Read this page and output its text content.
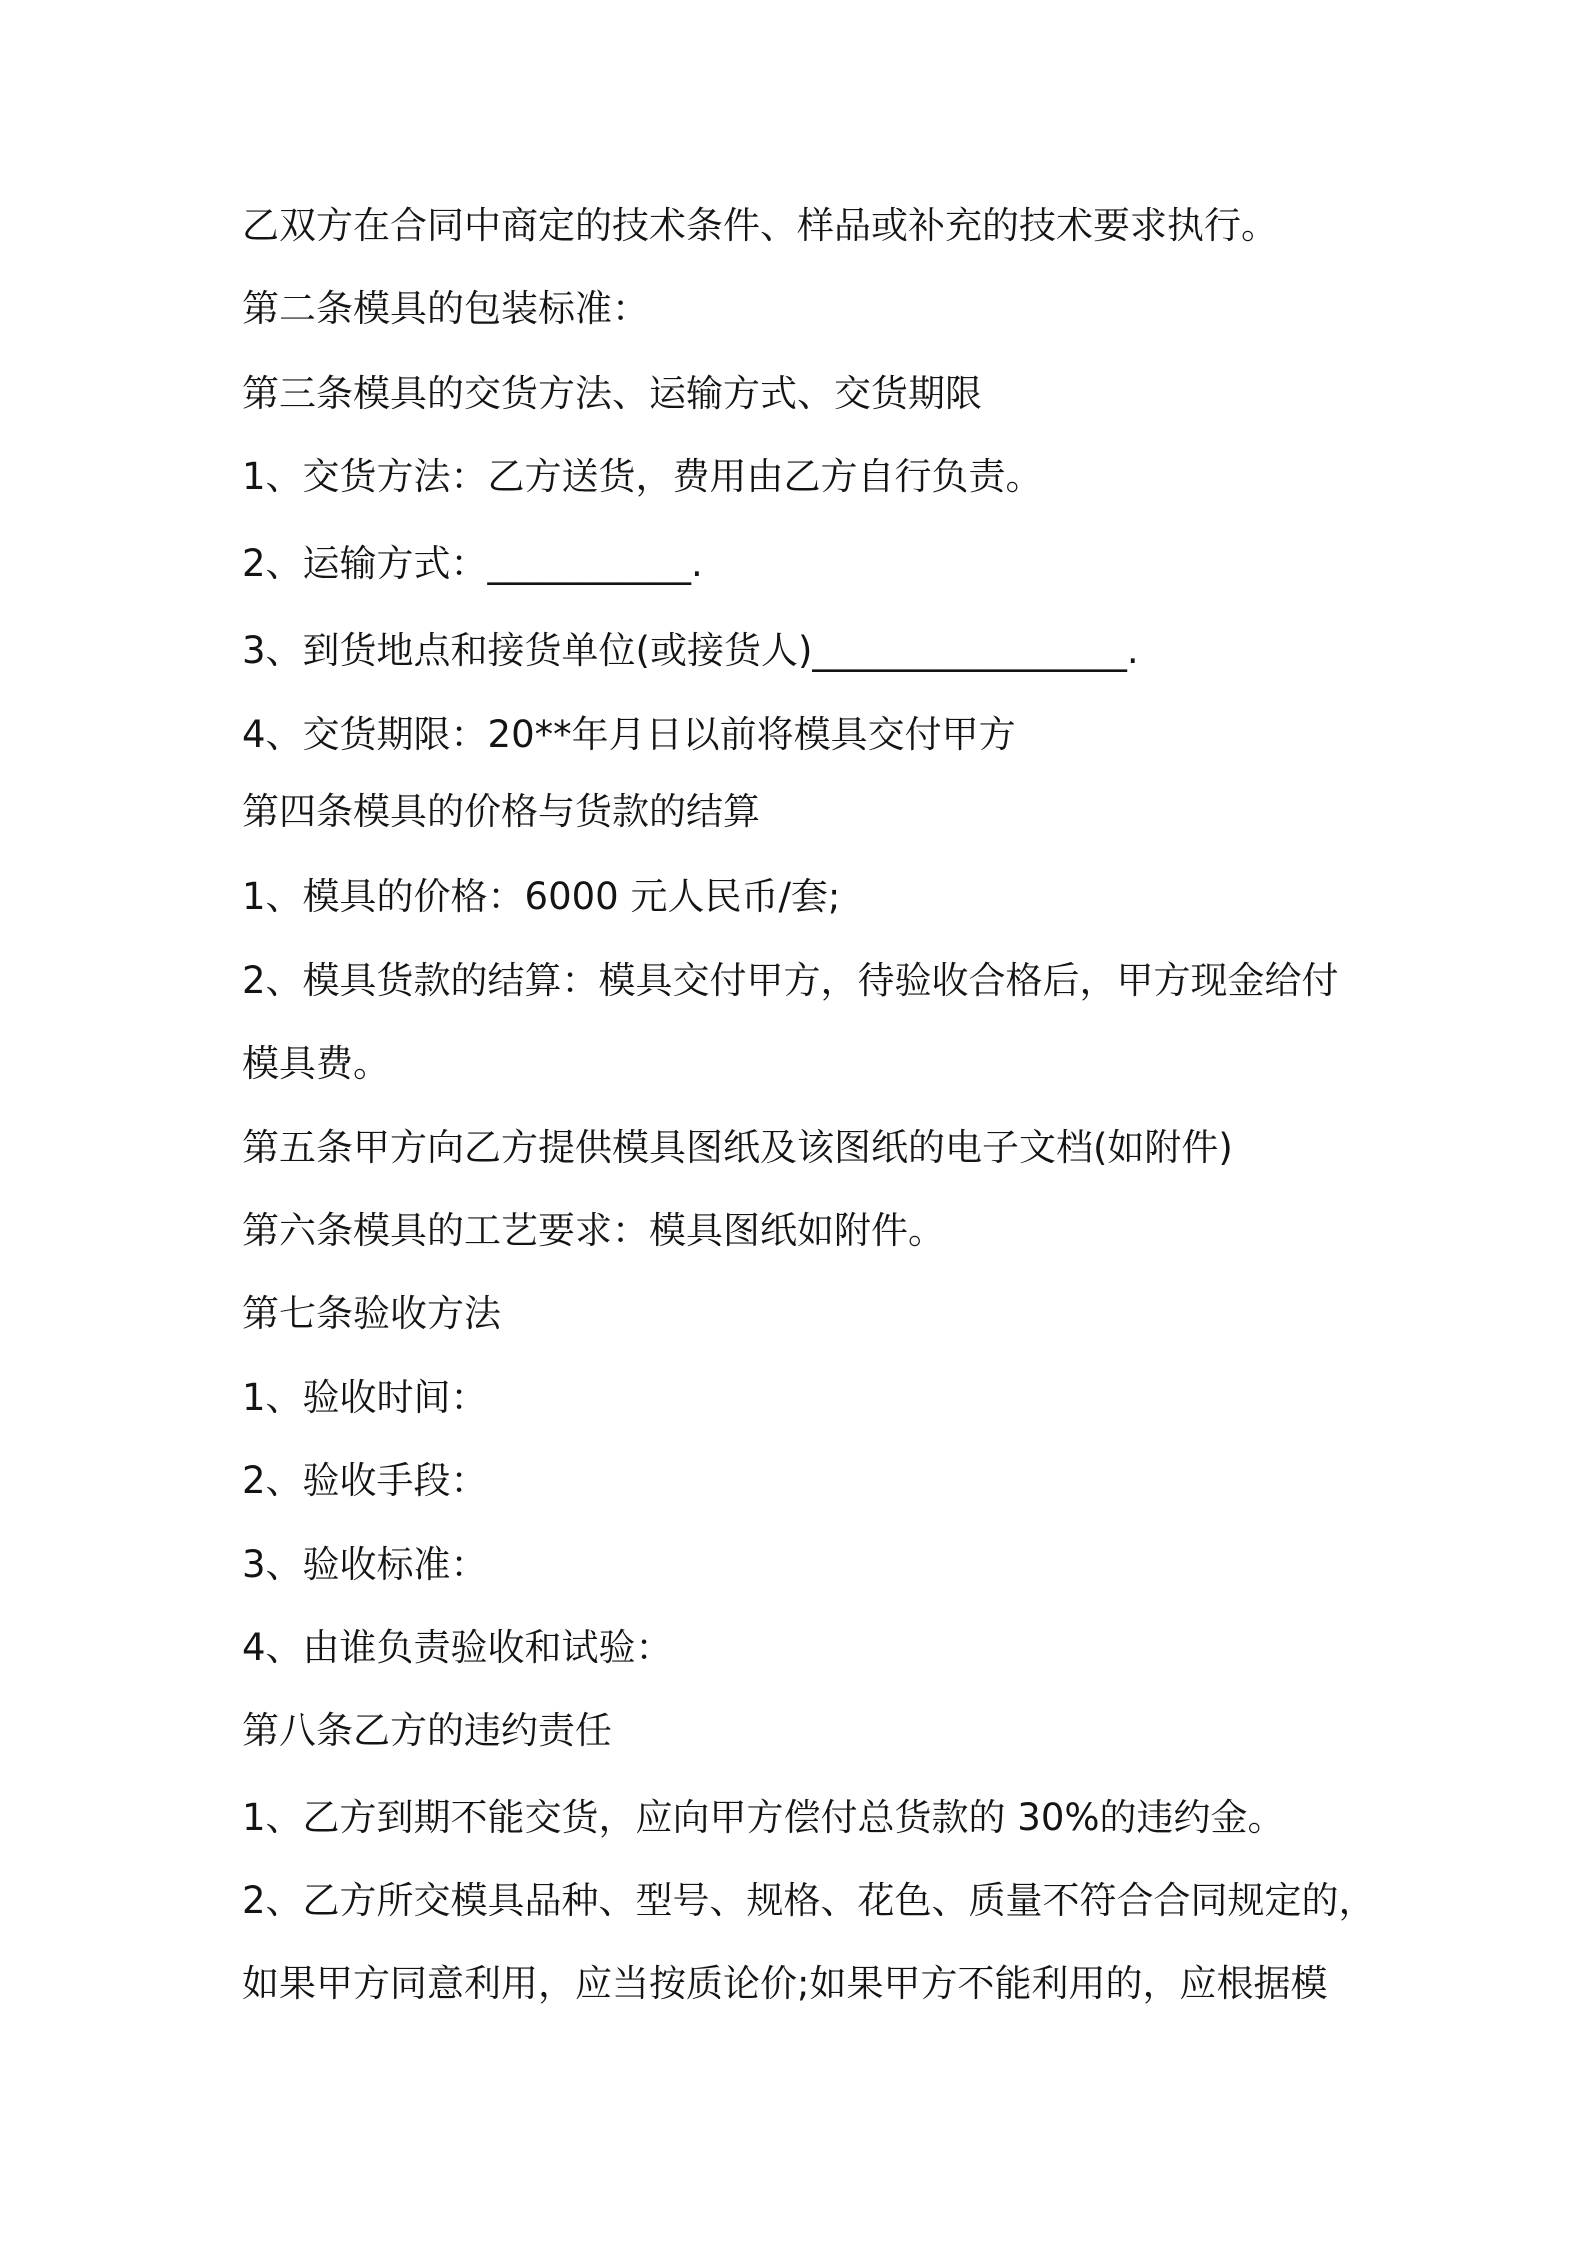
乙双方在合同中商定的技术条件、样品或补充的技术要求执行。
第二条模具的包装标准：
第三条模具的交货方法、运输方式、交货期限
1、交货方法：乙方送货，费用由乙方自行负责。
2、运输方式：___________.
3、到货地点和接货单位(或接货人)_________________.
4、交货期限：20**年月日以前将模具交付甲方
第四条模具的价格与货款的结算
1、模具的价格：6000 元人民币/套;
2、模具货款的结算：模具交付甲方，待验收合格后，甲方现金给付
模具费。
第五条甲方向乙方提供模具图纸及该图纸的电子文档(如附件)
第六条模具的工艺要求：模具图纸如附件。
第七条验收方法
1、验收时间：
2、验收手段：
3、验收标准：
4、由谁负责验收和试验：
第八条乙方的违约责任
1、乙方到期不能交货，应向甲方偿付总货款的 30%的违约金。
2、乙方所交模具品种、型号、规格、花色、质量不符合合同规定的，
如果甲方同意利用，应当按质论价;如果甲方不能利用的，应根据模
